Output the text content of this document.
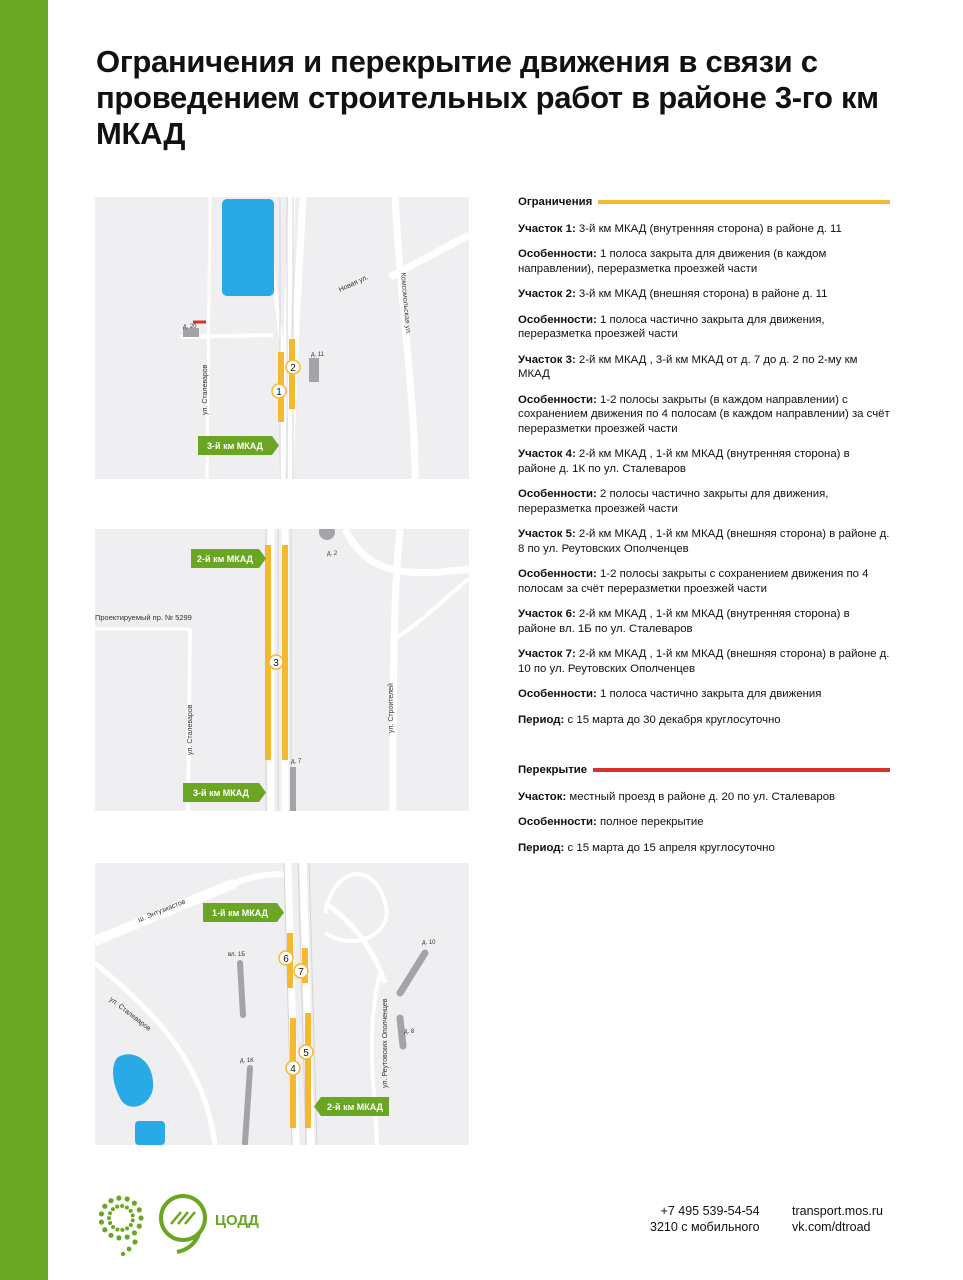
Ограничения и перекрытие движения в связи с проведением строительных работ в районе 3-го км МКАД
1
2
Новая ул.	Комсомольская ул.
ул. Сталеваров
д. 20
д. 11
3-й км МКАД
3
Проектируемый пр. № 5299
ул. Сталеваров	ул. Строителей
д. 2
д. 7
2-й км МКАД
3-й км МКАД
6
7
5
4
ш. Энтузиастов
ул. Сталеваров	ул. Реутовских Ополченцев
вл. 1Б
д. 1К
д. 10
д. 8
1-й км МКАД
2-й км МКАД
Ограничения
Участок 1: 3-й км МКАД (внутренняя сторона) в районе д. 11
Особенности: 1 полоса закрыта для движения (в каждом направлении), переразметка проезжей части
Участок 2: 3-й км МКАД (внешняя сторона) в районе д. 11
Особенности: 1 полоса частично закрыта для движения, переразметка проезжей части
Участок 3: 2-й км МКАД , 3-й км МКАД от д. 7 до д. 2 по 2-му км МКАД
Особенности: 1-2 полосы закрыты (в каждом направлении) с сохранением движения по 4 полосам (в каждом направлении) за счёт переразметки проезжей части
Участок 4: 2-й км МКАД , 1-й км МКАД (внутренняя сторона) в районе д. 1К по ул. Сталеваров
Особенности: 2 полосы частично закрыты для движения, переразметка проезжей части
Участок 5: 2-й км МКАД , 1-й км МКАД (внешняя сторона) в районе д. 8 по ул. Реутовских Ополченцев
Особенности: 1-2 полосы закрыты с сохранением движения по 4 полосам за счёт переразметки проезжей части
Участок 6: 2-й км МКАД , 1-й км МКАД (внутренняя сторона) в районе вл. 1Б по ул. Сталеваров
Участок 7: 2-й км МКАД , 1-й км МКАД (внешняя сторона) в районе д. 10 по ул. Реутовских Ополченцев
Особенности: 1 полоса частично закрыта для движения
Период: с 15 марта до 30 декабря круглосуточно
Перекрытие
Участок: местный проезд в районе д. 20 по ул. Сталеваров
Особенности: полное перекрытие
Период: с 15 марта до 15 апреля круглосуточно
ЦОДД
+7 495 539-54-54
3210 с мобильного
transport.mos.ru
vk.com/dtroad
